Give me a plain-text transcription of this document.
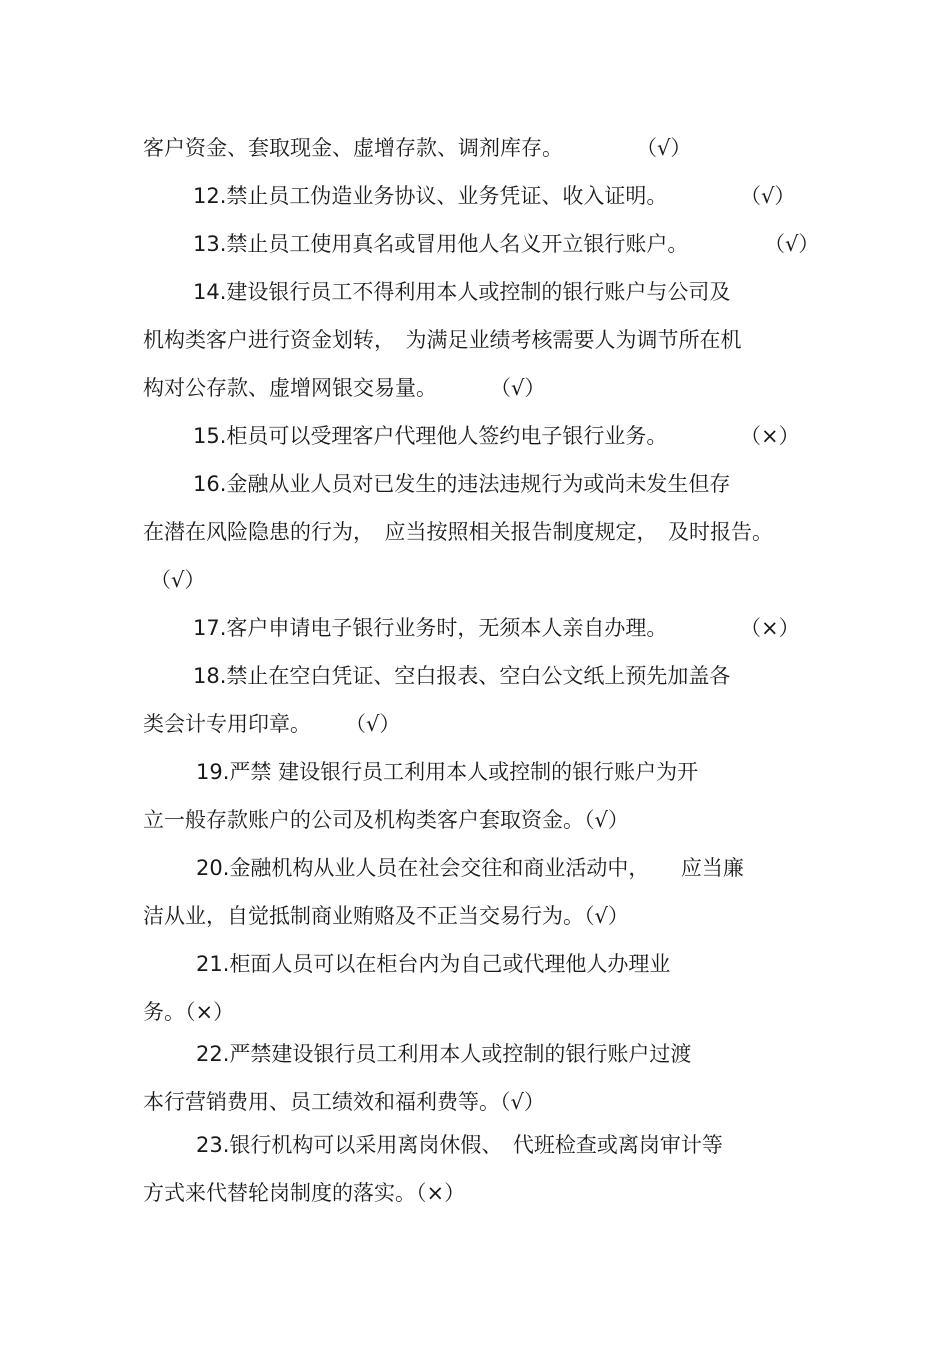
客户资金、套取现金、虚增存款、调剂库存。	（√）
12.禁止员工伪造业务协议、业务凭证、收入证明。	（√）
13.禁止员工使用真名或冒用他人名义开立银行账户。	（√）
14.建设银行员工不得利用本人或控制的银行账户与公司及
机构类客户进行资金划转，　为满足业绩考核需要人为调节所在机
构对公存款、虚增网银交易量。	（√）
15.柜员可以受理客户代理他人签约电子银行业务。	（×）
16.金融从业人员对已发生的违法违规行为或尚未发生但存
在潜在风险隐患的行为，　应当按照相关报告制度规定，　及时报告。
（√）
17.客户申请电子银行业务时，无须本人亲自办理。	（×）
18.禁止在空白凭证、空白报表、空白公文纸上预先加盖各
类会计专用印章。 （√）
19.严禁 建设银行员工利用本人或控制的银行账户为开
立一般存款账户的公司及机构类客户套取资金。（√）
20.金融机构从业人员在社会交往和商业活动中，　　应当廉
洁从业，自觉抵制商业贿赂及不正当交易行为。（√）
21.柜面人员可以在柜台内为自己或代理他人办理业
务。（×）
22.严禁建设银行员工利用本人或控制的银行账户过渡
本行营销费用、员工绩效和福利费等。（√）
23.银行机构可以采用离岗休假、　代班检查或离岗审计等
方式来代替轮岗制度的落实。（×）
